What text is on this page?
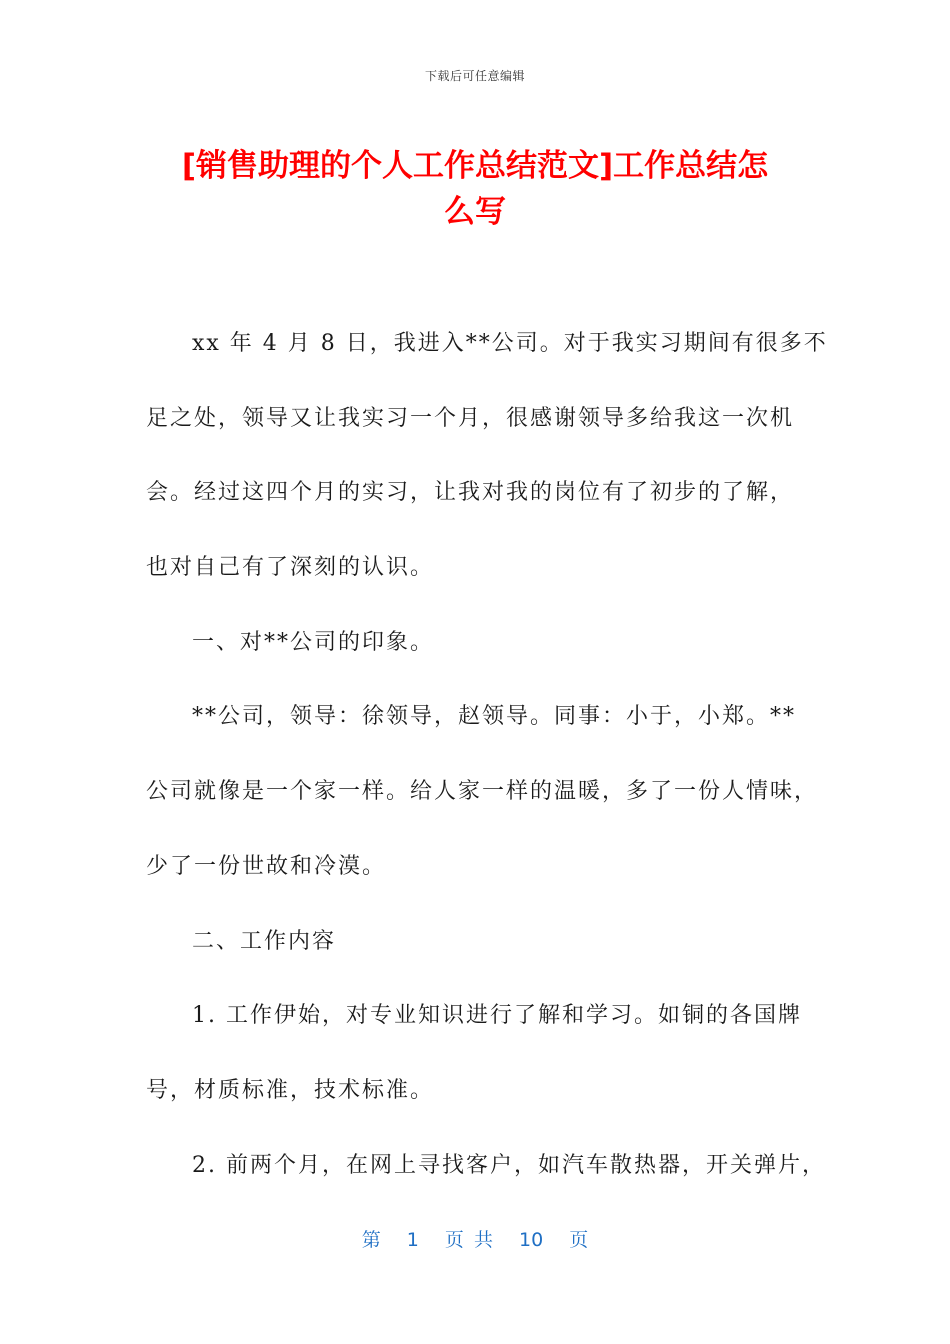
下载后可任意编辑
[销售助理的个人工作总结范文]工作总结怎
么写
xx 年 4 月 8 日，我进入**公司。对于我实习期间有很多不
足之处，领导又让我实习一个月，很感谢领导多给我这一次机
会。经过这四个月的实习，让我对我的岗位有了初步的了解，
也对自己有了深刻的认识。
一、对**公司的印象。
**公司，领导：徐领导，赵领导。同事：小于，小郑。**
公司就像是一个家一样。给人家一样的温暖，多了一份人情味，
少了一份世故和冷漠。
二、工作内容
1. 工作伊始，对专业知识进行了解和学习。如铜的各国牌
号，材质标准，技术标准。
2. 前两个月，在网上寻找客户，如汽车散热器，开关弹片，
第 1 页 共 10 页
